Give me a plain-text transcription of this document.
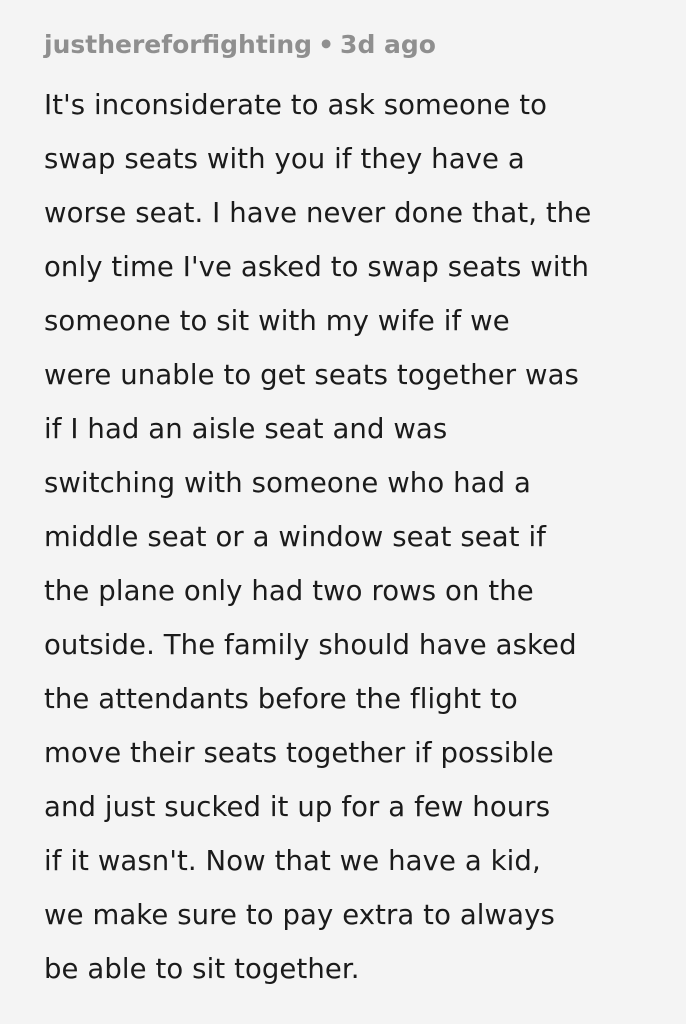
justhereforfighting • 3d ago
It's inconsiderate to ask someone to
swap seats with you if they have a
worse seat. I have never done that, the
only time I've asked to swap seats with
someone to sit with my wife if we
were unable to get seats together was
if I had an aisle seat and was
switching with someone who had a
middle seat or a window seat seat if
the plane only had two rows on the
outside. The family should have asked
the attendants before the flight to
move their seats together if possible
and just sucked it up for a few hours
if it wasn't. Now that we have a kid,
we make sure to pay extra to always
be able to sit together.
